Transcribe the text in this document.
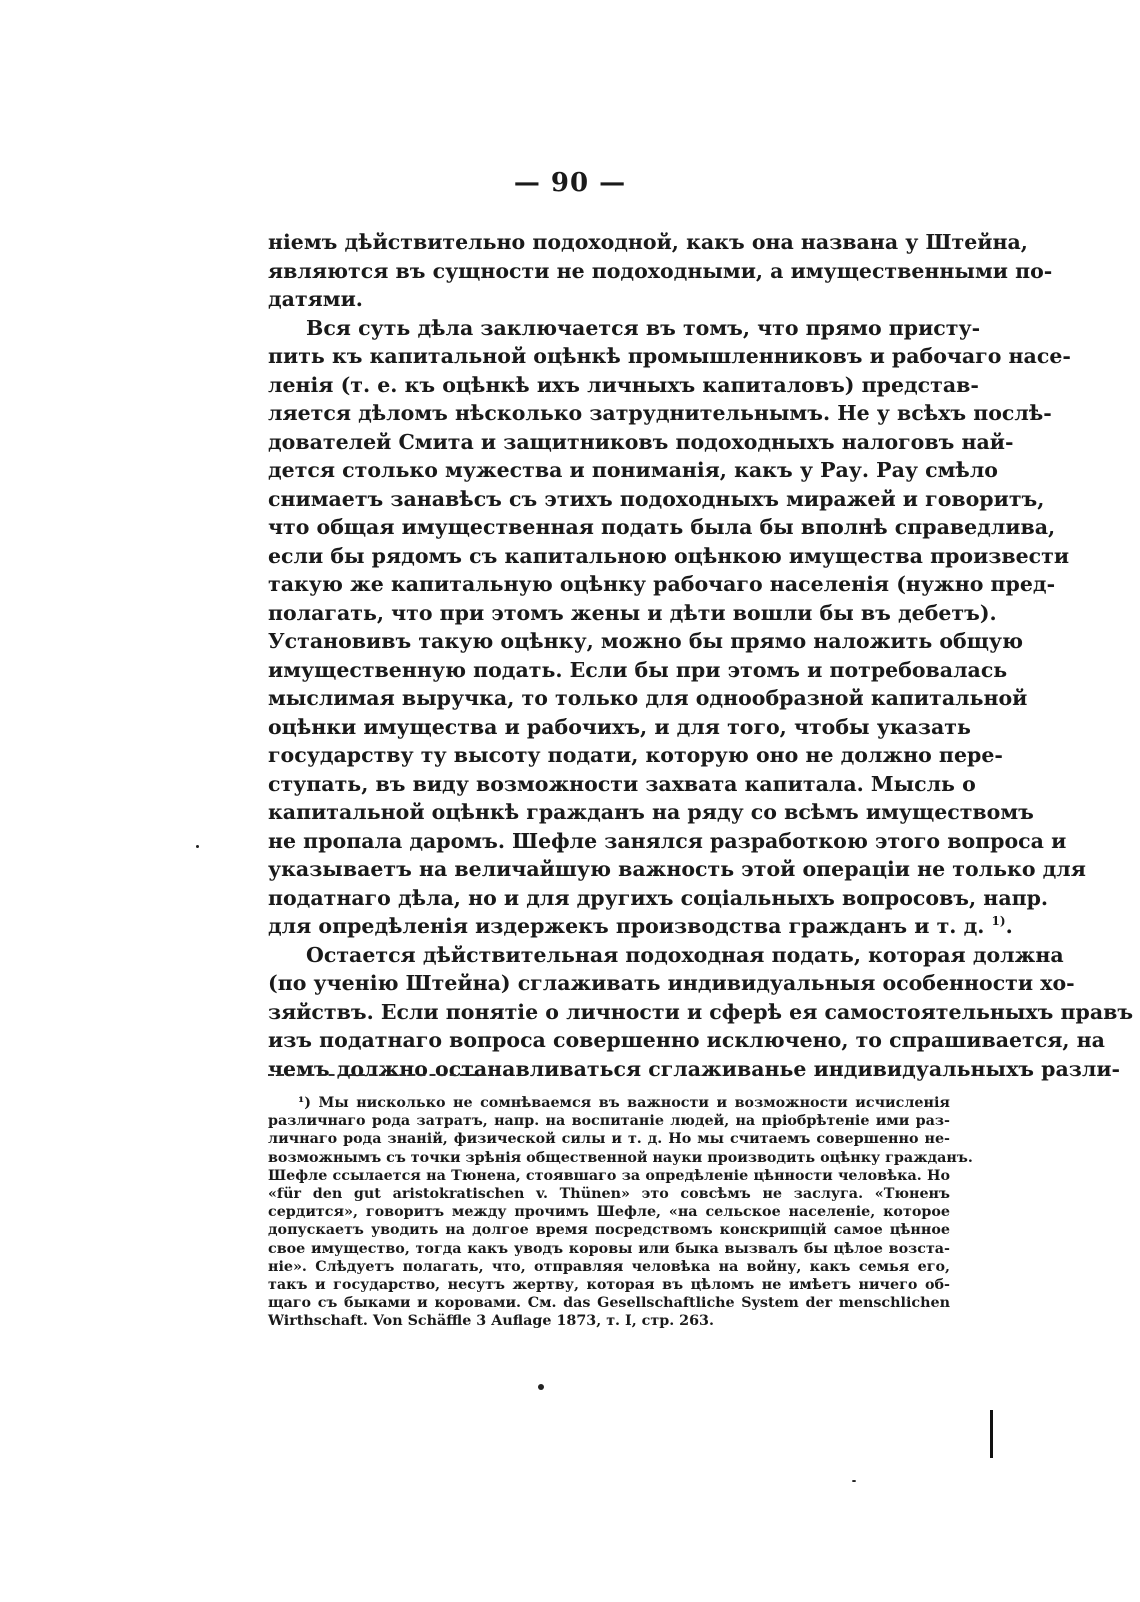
— 90 —
ніемъ дѣйствительно подоходной, какъ она названа у Штейна,
являются въ сущности не подоходными, а имущественными по-
датями.
Вся суть дѣла заключается въ томъ, что прямо присту-
пить къ капитальной оцѣнкѣ промышленниковъ и рабочаго насе-
ленія (т. е. къ оцѣнкѣ ихъ личныхъ капиталовъ) представ-
ляется дѣломъ нѣсколько затруднительнымъ. Не у всѣхъ послѣ-
дователей Смита и защитниковъ подоходныхъ налоговъ най-
дется столько мужества и пониманія, какъ у Рау. Рау смѣло
снимаетъ занавѣсъ съ этихъ подоходныхъ миражей и говоритъ,
что общая имущественная подать была бы вполнѣ справедлива,
если бы рядомъ съ капитальною оцѣнкою имущества произвести
такую же капитальную оцѣнку рабочаго населенія (нужно пред-
полагать, что при этомъ жены и дѣти вошли бы въ дебетъ).
Установивъ такую оцѣнку, можно бы прямо наложить общую
имущественную подать. Если бы при этомъ и потребовалась
мыслимая выручка, то только для однообразной капитальной
оцѣнки имущества и рабочихъ, и для того, чтобы указать
государству ту высоту подати, которую оно не должно пере-
ступать, въ виду возможности захвата капитала. Мысль о
капитальной оцѣнкѣ гражданъ на ряду со всѣмъ имуществомъ
не пропала даромъ. Шефле занялся разработкою этого вопроса и
указываетъ на величайшую важность этой операціи не только для
податнаго дѣла, но и для другихъ соціальныхъ вопросовъ, напр.
для опредѣленія издержекъ производства гражданъ и т. д. $^{1)}$.
Остается дѣйствительная подоходная подать, которая должна
(по ученію Штейна) сглаживать индивидуальныя особенности хо-
зяйствъ. Если понятіе о личности и сферѣ ея самостоятельныхъ правъ
изъ податнаго вопроса совершенно исключено, то спрашивается, на
чемъ должно останавливаться сглаживанье индивидуальныхъ разли-
¹) Мы нисколько не сомнѣваемся въ важности и возможности исчисленія
различнаго рода затратъ, напр. на воспитаніе людей, на пріобрѣтеніе ими раз-
личнаго рода знаній, физической силы и т. д. Но мы считаемъ совершенно не-
возможнымъ съ точки зрѣнія общественной науки производить оцѣнку гражданъ.
Шефле ссылается на Тюнена, стоявшаго за опредѣленіе цѣнности человѣка. Но
«für den gut aristokratischen v. Thünen» это совсѣмъ не заслуга. «Тюненъ
сердится», говоритъ между прочимъ Шефле, «на сельское населеніе, которое
допускаетъ уводить на долгое время посредствомъ конскрипцій самое цѣнное
свое имущество, тогда какъ уводъ коровы или быка вызвалъ бы цѣлое возста-
ніе». Слѣдуетъ полагать, что, отправляя человѣка на войну, какъ семья его,
такъ и государство, несутъ жертву, которая въ цѣломъ не имѣетъ ничего об-
щаго съ быками и коровами. См. das Gesellschaftliche System der menschlichen
Wirthschaft. Von Schäffle 3 Auflage 1873, т. I, стр. 263.
